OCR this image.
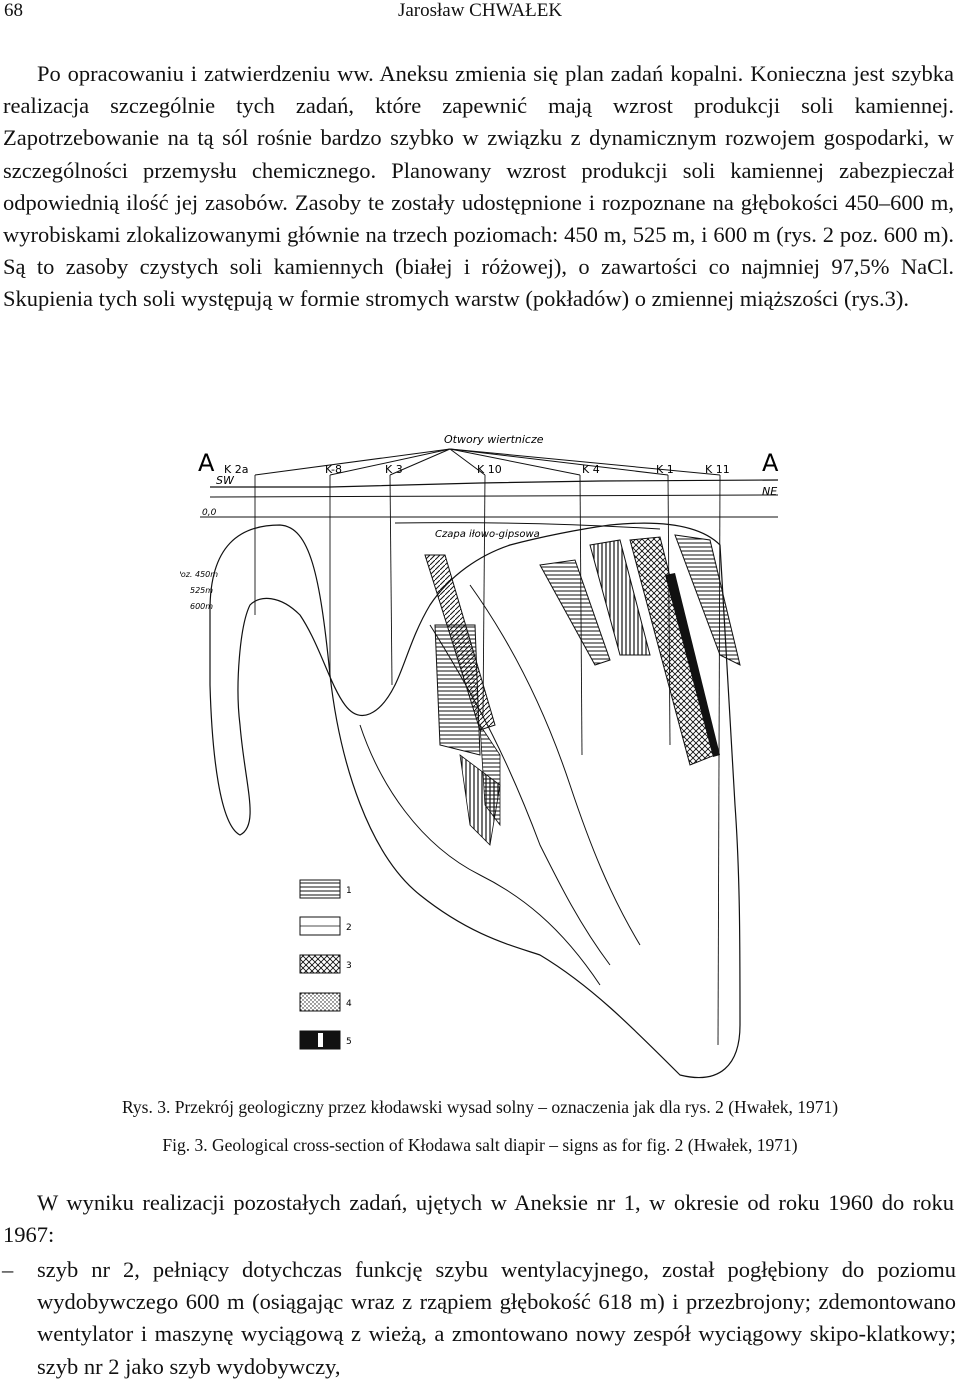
68	Jarosław CHWAŁEK

Po opracowaniu i zatwierdzeniu ww. Aneksu zmienia się plan zadań kopalni. Konieczna jest szybka realizacja szczególnie tych zadań, które zapewnić mają wzrost produkcji soli kamiennej. Zapotrzebowanie na tą sól rośnie bardzo szybko w związku z dynamicznym rozwojem gospodarki, w szczególności przemysłu chemicznego. Planowany wzrost produkcji soli kamiennej zabezpieczał odpowiednią ilość jej zasobów. Zasoby te zostały udostępnione i rozpoznane na głębokości 450–600 m, wyrobiskami zlokalizowanymi głównie na trzech poziomach: 450 m, 525 m, i 600 m (rys. 2 poz. 600 m). Są to zasoby czystych soli kamiennych (białej i różowej), o zawartości co najmniej 97,5% NaCl. Skupienia tych soli występują w formie stromych warstw (pokładów) o zmiennej miąższości (rys.3).

Otwory wiertnicze
A	A
SW
NE
K 2a	K-8	K 3	K 10	K 4	K 1	K 11
0,0
Poz. 450m
525m
600m
Czapa iłowo-gipsowa
1
2
3
4
5

Rys. 3. Przekrój geologiczny przez kłodawski wysad solny – oznaczenia jak dla rys. 2 (Hwałek, 1971)

Fig. 3. Geological cross-section of Kłodawa salt diapir – signs as for fig. 2 (Hwałek, 1971)

W wyniku realizacji pozostałych zadań, ujętych w Aneksie nr 1, w okresie od roku 1960 do roku 1967:

– szyb nr 2, pełniący dotychczas funkcję szybu wentylacyjnego, został pogłębiony do poziomu wydobywczego 600 m (osiągając wraz z rząpiem głębokość 618 m) i przezbrojony; zdemontowano wentylator i maszynę wyciągową z wieżą, a zmontowano nowy zespół wyciągowy skipo-klatkowy; szyb nr 2 jako szyb wydobywczy,
